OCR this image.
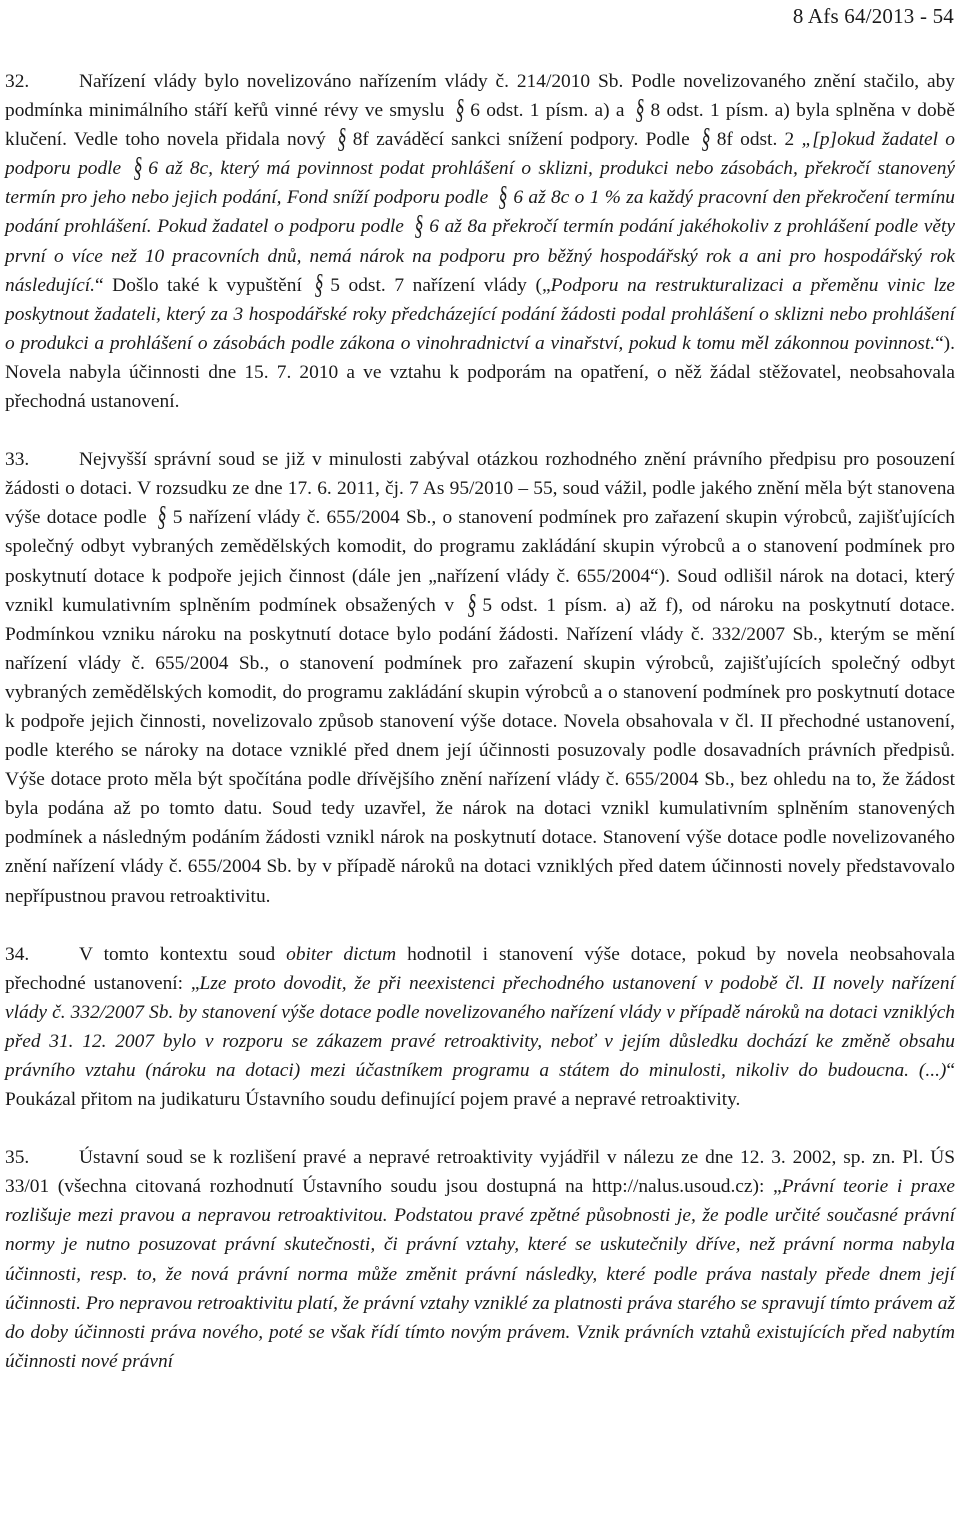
8 Afs 64/2013 - 54

32.	Nařízení vlády bylo novelizováno nařízením vlády č. 214/2010 Sb. Podle novelizovaného znění stačilo, aby podmínka minimálního stáří keřů vinné révy ve smyslu § 6 odst. 1 písm. a) a § 8 odst. 1 písm. a) byla splněna v době klučení. Vedle toho novela přidala nový § 8f zaváděcí sankci snížení podpory. Podle § 8f odst. 2 „[p]okud žadatel o podporu podle § 6 až 8c, který má povinnost podat prohlášení o sklizni, produkci nebo zásobách, překročí stanovený termín pro jeho nebo jejich podání, Fond sníží podporu podle § 6 až 8c o 1 % za každý pracovní den překročení termínu podání prohlášení. Pokud žadatel o podporu podle § 6 až 8a překročí termín podání jakéhokoliv z prohlášení podle věty první o více než 10 pracovních dnů, nemá nárok na podporu pro běžný hospodářský rok a ani pro hospodářský rok následující.“ Došlo také k vypuštění § 5 odst. 7 nařízení vlády („Podporu na restrukturalizaci a přeměnu vinic lze poskytnout žadateli, který za 3 hospodářské roky předcházející podání žádosti podal prohlášení o sklizni nebo prohlášení o produkci a prohlášení o zásobách podle zákona o vinohradnictví a vinařství, pokud k tomu měl zákonnou povinnost.“). Novela nabyla účinnosti dne 15. 7. 2010 a ve vztahu k podporám na opatření, o něž žádal stěžovatel, neobsahovala přechodná ustanovení.

33.	Nejvyšší správní soud se již v minulosti zabýval otázkou rozhodného znění právního předpisu pro posouzení žádosti o dotaci. V rozsudku ze dne 17. 6. 2011, čj. 7 As 95/2010 – 55, soud vážil, podle jakého znění měla být stanovena výše dotace podle § 5 nařízení vlády č. 655/2004 Sb., o stanovení podmínek pro zařazení skupin výrobců, zajišťujících společný odbyt vybraných zemědělských komodit, do programu zakládání skupin výrobců a o stanovení podmínek pro poskytnutí dotace k podpoře jejich činnost (dále jen „nařízení vlády č. 655/2004“). Soud odlišil nárok na dotaci, který vznikl kumulativním splněním podmínek obsažených v § 5 odst. 1 písm. a) až f), od nároku na poskytnutí dotace. Podmínkou vzniku nároku na poskytnutí dotace bylo podání žádosti. Nařízení vlády č. 332/2007 Sb., kterým se mění nařízení vlády č. 655/2004 Sb., o stanovení podmínek pro zařazení skupin výrobců, zajišťujících společný odbyt vybraných zemědělských komodit, do programu zakládání skupin výrobců a o stanovení podmínek pro poskytnutí dotace k podpoře jejich činnosti, novelizovalo způsob stanovení výše dotace. Novela obsahovala v čl. II přechodné ustanovení, podle kterého se nároky na dotace vzniklé před dnem její účinnosti posuzovaly podle dosavadních právních předpisů. Výše dotace proto měla být spočítána podle dřívějšího znění nařízení vlády č. 655/2004 Sb., bez ohledu na to, že žádost byla podána až po tomto datu. Soud tedy uzavřel, že nárok na dotaci vznikl kumulativním splněním stanovených podmínek a následným podáním žádosti vznikl nárok na poskytnutí dotace. Stanovení výše dotace podle novelizovaného znění nařízení vlády č. 655/2004 Sb. by v případě nároků na dotaci vzniklých před datem účinnosti novely představovalo nepřípustnou pravou retroaktivitu.

34.	V tomto kontextu soud obiter dictum hodnotil i stanovení výše dotace, pokud by novela neobsahovala přechodné ustanovení: „Lze proto dovodit, že při neexistenci přechodného ustanovení v podobě čl. II novely nařízení vlády č. 332/2007 Sb. by stanovení výše dotace podle novelizovaného nařízení vlády v případě nároků na dotaci vzniklých před 31. 12. 2007 bylo v rozporu se zákazem pravé retroaktivity, neboť v jejím důsledku dochází ke změně obsahu právního vztahu (nároku na dotaci) mezi účastníkem programu a státem do minulosti, nikoliv do budoucna. (...)“ Poukázal přitom na judikaturu Ústavního soudu definující pojem pravé a nepravé retroaktivity.

35.	Ústavní soud se k rozlišení pravé a nepravé retroaktivity vyjádřil v nálezu ze dne 12. 3. 2002, sp. zn. Pl. ÚS 33/01 (všechna citovaná rozhodnutí Ústavního soudu jsou dostupná na http://nalus.usoud.cz): „Právní teorie i praxe rozlišuje mezi pravou a nepravou retroaktivitou. Podstatou pravé zpětné působnosti je, že podle určité současné právní normy je nutno posuzovat právní skutečnosti, či právní vztahy, které se uskutečnily dříve, než právní norma nabyla účinnosti, resp. to, že nová právní norma může změnit právní následky, které podle práva nastaly přede dnem její účinnosti. Pro nepravou retroaktivitu platí, že právní vztahy vzniklé za platnosti práva starého se spravují tímto právem až do doby účinnosti práva nového, poté se však řídí tímto novým právem. Vznik právních vztahů existujících před nabytím účinnosti nové právní
